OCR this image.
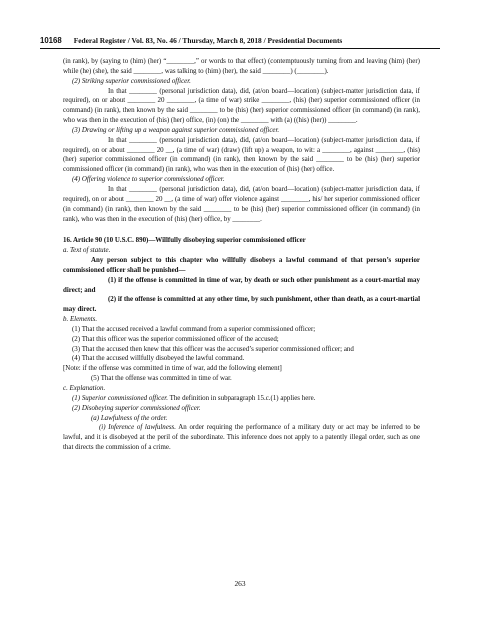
10168 Federal Register / Vol. 83, No. 46 / Thursday, March 8, 2018 / Presidential Documents

(in rank), by (saying to (him) (her) “________,” or words to that effect) (contemptuously turning from and leaving (him) (her) while (he) (she), the said ________, was talking to (him) (her), the said ________) (________).

(2) Striking superior commissioned officer.

In that ________ (personal jurisdiction data), did, (at/on board—location) (subject-matter jurisdiction data, if required), on or about ________ 20 ________, (a time of war) strike ________, (his) (her) superior commissioned officer (in command) (in rank), then known by the said ________ to be (his) (her) superior commissioned officer (in command) (in rank), who was then in the execution of (his) (her) office, (in) (on) the ________ with (a) ((his) (her)) ________.

(3) Drawing or lifting up a weapon against superior commissioned officer.

In that ________ (personal jurisdiction data), did, (at/on board—location) (subject-matter jurisdiction data, if required), on or about ________ 20 __, (a time of war) (draw) (lift up) a weapon, to wit: a ________, against ________, (his) (her) superior commissioned officer (in command) (in rank), then known by the said ________ to be (his) (her) superior commissioned officer (in command) (in rank), who was then in the execution of (his) (her) office.

(4) Offering violence to superior commissioned officer.

In that ________ (personal jurisdiction data), did, (at/on board—location) (subject-matter jurisdiction data, if required), on or about ________ 20 __, (a time of war) offer violence against ________, his/ her superior commissioned officer (in command) (in rank), then known by the said ________ to be (his) (her) superior commissioned officer (in command) (in rank), who was then in the execution of (his) (her) office, by ________.

16. Article 90 (10 U.S.C. 890)—Willfully disobeying superior commissioned officer

a. Text of statute.

Any person subject to this chapter who willfully disobeys a lawful command of that person’s superior commissioned officer shall be punished—

(1) if the offense is committed in time of war, by death or such other punishment as a court-martial may direct; and

(2) if the offense is committed at any other time, by such punishment, other than death, as a court-martial may direct.

b. Elements.

(1) That the accused received a lawful command from a superior commissioned officer;

(2) That this officer was the superior commissioned officer of the accused;

(3) That the accused then knew that this officer was the accused’s superior commissioned officer; and

(4) That the accused willfully disobeyed the lawful command.

[Note: if the offense was committed in time of war, add the following element]

(5) That the offense was committed in time of war.

c. Explanation.

(1) Superior commissioned officer. The definition in subparagraph 15.c.(1) applies here.

(2) Disobeying superior commissioned officer.

(a) Lawfulness of the order.

(i) Inference of lawfulness. An order requiring the performance of a military duty or act may be inferred to be lawful, and it is disobeyed at the peril of the subordinate. This inference does not apply to a patently illegal order, such as one that directs the commission of a crime.

263
